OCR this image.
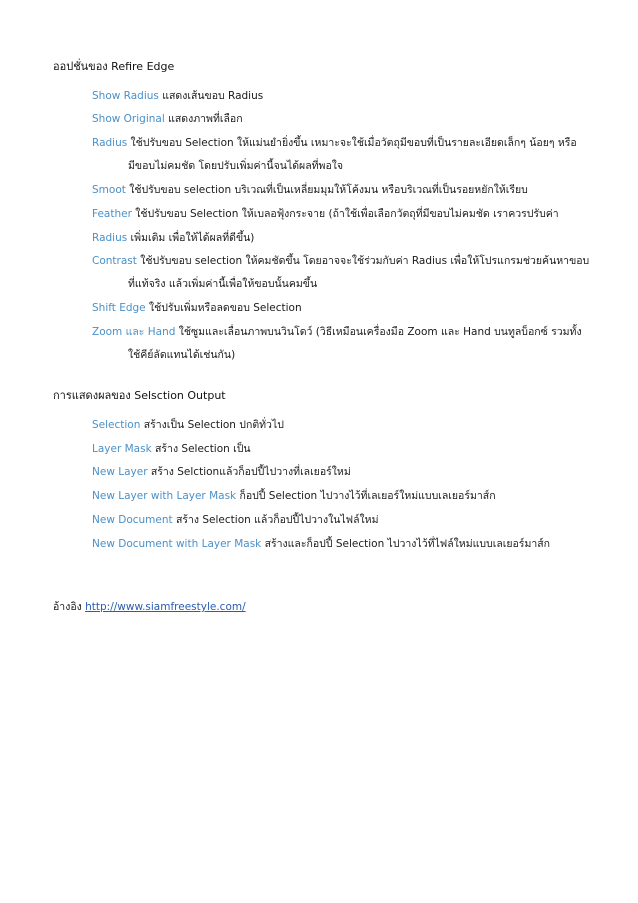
ออปชั่นของ Refire Edge
Show Radius แสดงเส้นขอบ Radius
Show Original แสดงภาพที่เลือก
Radius ใช้ปรับขอบ Selection ให้แม่นยำยิ่งขึ้น เหมาะจะใช้เมื่อวัตถุมีขอบที่เป็นรายละเอียดเล็กๆ น้อยๆ หรือ
มีขอบไม่คมชัด โดยปรับเพิ่มค่านี้จนได้ผลที่พอใจ
Smoot ใช้ปรับขอบ selection บริเวณที่เป็นเหลี่ยมมุมให้โค้งมน หรือบริเวณที่เป็นรอยหยักให้เรียบ
Feather ใช้ปรับขอบ Selection ให้เบลอฟุ้งกระจาย (ถ้าใช้เพื่อเลือกวัตถุที่มีขอบไม่คมชัด เราควรปรับค่า
Radius เพิ่มเติม เพื่อให้ได้ผลที่ดีขึ้น)
Contrast ใช้ปรับขอบ selection ให้คมชัดขึ้น โดยอาจจะใช้ร่วมกับค่า Radius เพื่อให้โปรแกรมช่วยค้นหาขอบ
ที่แท้จริง แล้วเพิ่มค่านี้เพื่อให้ขอบนั้นคมขึ้น
Shift Edge ใช้ปรับเพิ่มหรือลดขอบ Selection
Zoom และ Hand ใช้ซูมและเลื่อนภาพบนวินโดว์ (วิธีเหมือนเครื่องมือ Zoom และ Hand บนทูลบ็อกซ์ รวมทั้ง
ใช้คีย์ลัดแทนได้เช่นกัน)
การแสดงผลของ Selsction Output
Selection สร้างเป็น Selection ปกติทั่วไป
Layer Mask สร้าง Selection เป็น
New Layer สร้าง Selctionแล้วก็อปปี้ไปวางที่เลเยอร์ใหม่
New Layer with Layer Mask ก็อปปี้ Selection ไปวางไว้ที่เลเยอร์ใหม่แบบเลเยอร์มาส์ก
New Document สร้าง Selection แล้วก็อปปี้ไปวางในไฟล์ใหม่
New Document with Layer Mask สร้างและก็อปปี้ Selection ไปวางไว้ที่ไฟล์ใหม่แบบเลเยอร์มาส์ก
อ้างอิง http://www.siamfreestyle.com/
